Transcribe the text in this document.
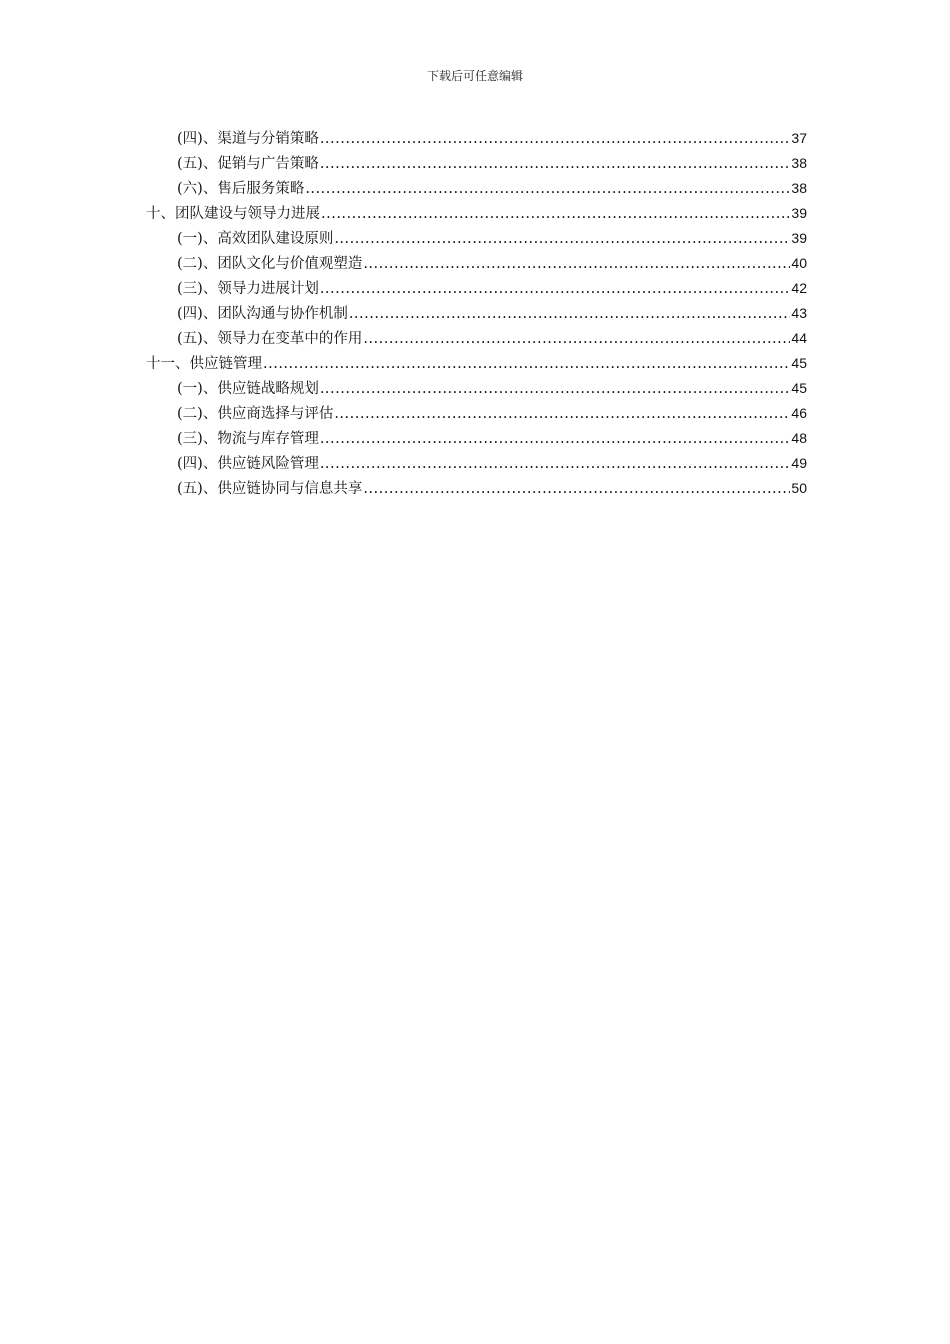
下载后可任意编辑
(四)、渠道与分销策略 .....	37
(五)、促销与广告策略 .....	38
(六)、售后服务策略 .....	38
十、团队建设与领导力进展 .....	39
(一)、高效团队建设原则 .....	39
(二)、团队文化与价值观塑造 .....	40
(三)、领导力进展计划 .....	42
(四)、团队沟通与协作机制 .....	43
(五)、领导力在变革中的作用 .....	44
十一、供应链管理 .....	45
(一)、供应链战略规划 .....	45
(二)、供应商选择与评估 .....	46
(三)、物流与库存管理 .....	48
(四)、供应链风险管理 .....	49
(五)、供应链协同与信息共享 .....	50
